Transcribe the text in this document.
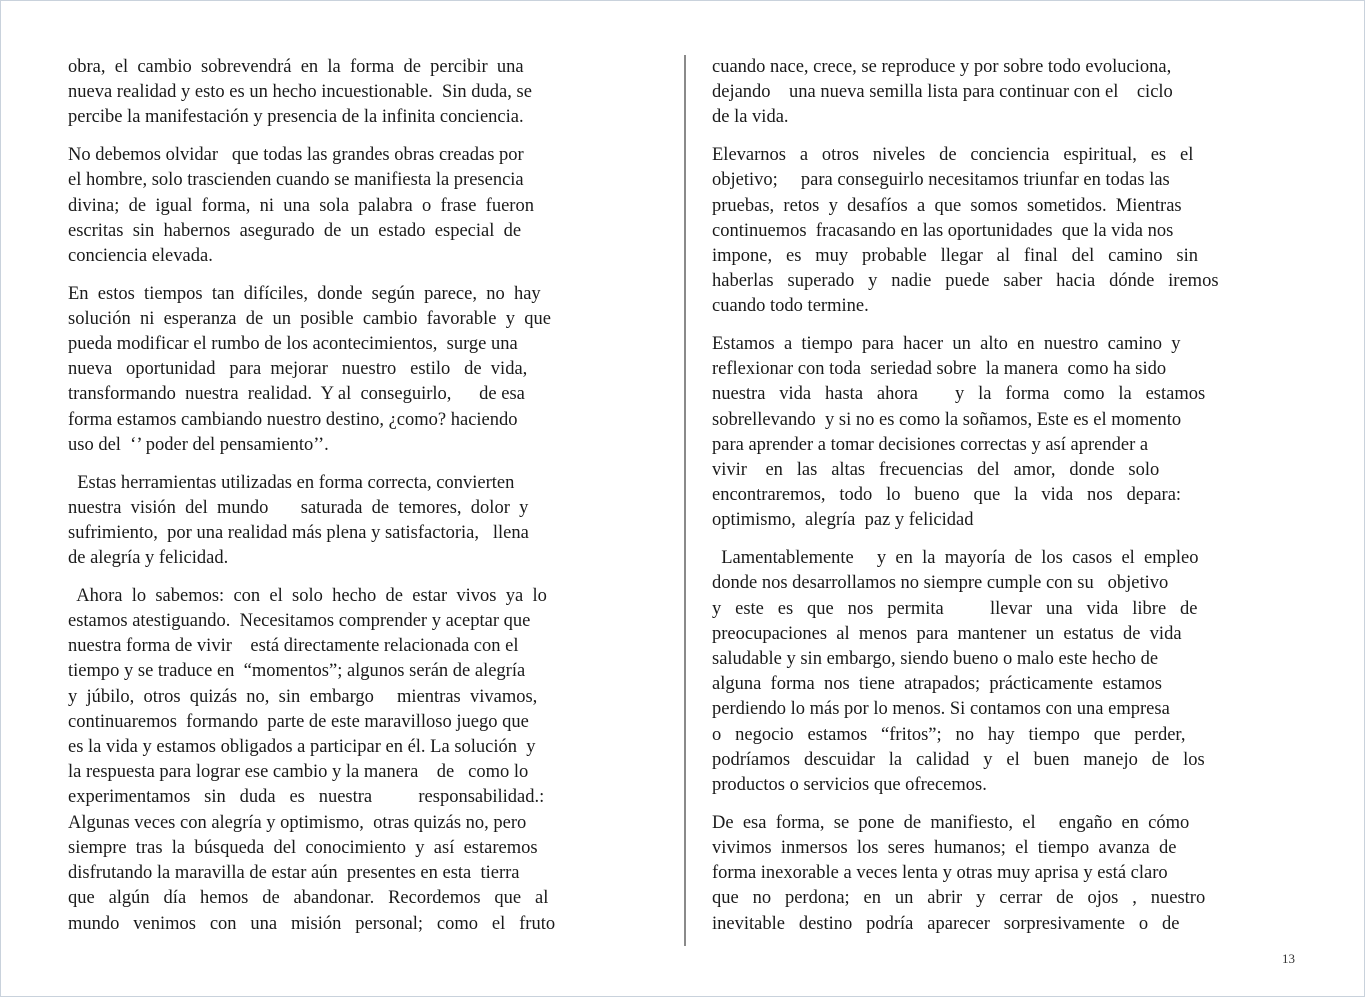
obra,  el  cambio  sobrevendrá  en  la  forma  de  percibir  una
nueva realidad y esto es un hecho incuestionable.  Sin duda, se
percibe la manifestación y presencia de la infinita conciencia.
No debemos olvidar   que todas las grandes obras creadas por
el hombre, solo trascienden cuando se manifiesta la presencia
divina;  de  igual  forma,  ni  una  sola  palabra  o  frase  fueron
escritas  sin  habernos  asegurado  de  un  estado  especial  de
conciencia elevada.
En  estos  tiempos  tan  difíciles,  donde  según  parece,  no  hay
solución  ni  esperanza  de  un  posible  cambio  favorable  y  que
pueda modificar el rumbo de los acontecimientos,  surge una
nueva   oportunidad   para  mejorar   nuestro   estilo   de  vida,
transformando  nuestra  realidad.  Y al  conseguirlo,      de esa
forma estamos cambiando nuestro destino, ¿como? haciendo
uso del  ‘’ poder del pensamiento’’.
Estas herramientas utilizadas en forma correcta, convierten
nuestra  visión  del  mundo       saturada  de  temores,  dolor  y
sufrimiento,  por una realidad más plena y satisfactoria,   llena
de alegría y felicidad.
Ahora  lo  sabemos:  con  el  solo  hecho  de  estar  vivos  ya  lo
estamos atestiguando.  Necesitamos comprender y aceptar que
nuestra forma de vivir    está directamente relacionada con el
tiempo y se traduce en  “momentos”; algunos serán de alegría
y  júbilo,  otros  quizás  no,  sin  embargo     mientras  vivamos,
continuaremos  formando  parte de este maravilloso juego que
es la vida y estamos obligados a participar en él. La solución  y
la respuesta para lograr ese cambio y la manera    de   como lo
experimentamos   sin   duda   es   nuestra          responsabilidad.:
Algunas veces con alegría y optimismo,  otras quizás no, pero
siempre  tras  la  búsqueda  del  conocimiento  y  así  estaremos
disfrutando la maravilla de estar aún  presentes en esta  tierra
que   algún   día   hemos   de   abandonar.   Recordemos   que   al
mundo   venimos   con   una   misión   personal;   como   el   fruto
cuando nace, crece, se reproduce y por sobre todo evoluciona,
dejando    una nueva semilla lista para continuar con el    ciclo
de la vida.
Elevarnos   a   otros   niveles   de   conciencia   espiritual,   es   el
objetivo;     para conseguirlo necesitamos triunfar en todas las
pruebas,  retos  y  desafíos  a  que  somos  sometidos.  Mientras
continuemos  fracasando en las oportunidades  que la vida nos
impone,   es   muy   probable   llegar   al   final   del   camino   sin
haberlas   superado   y   nadie   puede   saber   hacia   dónde   iremos
cuando todo termine.
Estamos  a  tiempo  para  hacer  un  alto  en  nuestro  camino  y
reflexionar con toda  seriedad sobre  la manera  como ha sido
nuestra   vida   hasta   ahora        y   la   forma   como   la   estamos
sobrellevando  y si no es como la soñamos, Este es el momento
para aprender a tomar decisiones correctas y así aprender a
vivir    en   las   altas   frecuencias   del   amor,   donde   solo
encontraremos,   todo   lo   bueno   que   la   vida   nos   depara:
optimismo,  alegría  paz y felicidad
Lamentablemente     y  en  la  mayoría  de  los  casos  el  empleo
donde nos desarrollamos no siempre cumple con su   objetivo
y   este   es   que   nos   permita          llevar   una   vida   libre   de
preocupaciones  al  menos  para  mantener  un  estatus  de  vida
saludable y sin embargo, siendo bueno o malo este hecho de
alguna  forma  nos  tiene  atrapados;  prácticamente  estamos
perdiendo lo más por lo menos. Si contamos con una empresa
o   negocio   estamos   “fritos”;   no   hay   tiempo   que   perder,
podríamos   descuidar   la   calidad   y   el   buen   manejo   de   los
productos o servicios que ofrecemos.
De  esa  forma,  se  pone  de  manifiesto,  el     engaño  en  cómo
vivimos  inmersos  los  seres  humanos;  el  tiempo  avanza  de
forma inexorable a veces lenta y otras muy aprisa y está claro
que   no   perdona;   en   un   abrir   y   cerrar   de   ojos   ,   nuestro
inevitable   destino   podría   aparecer   sorpresivamente   o   de
13
